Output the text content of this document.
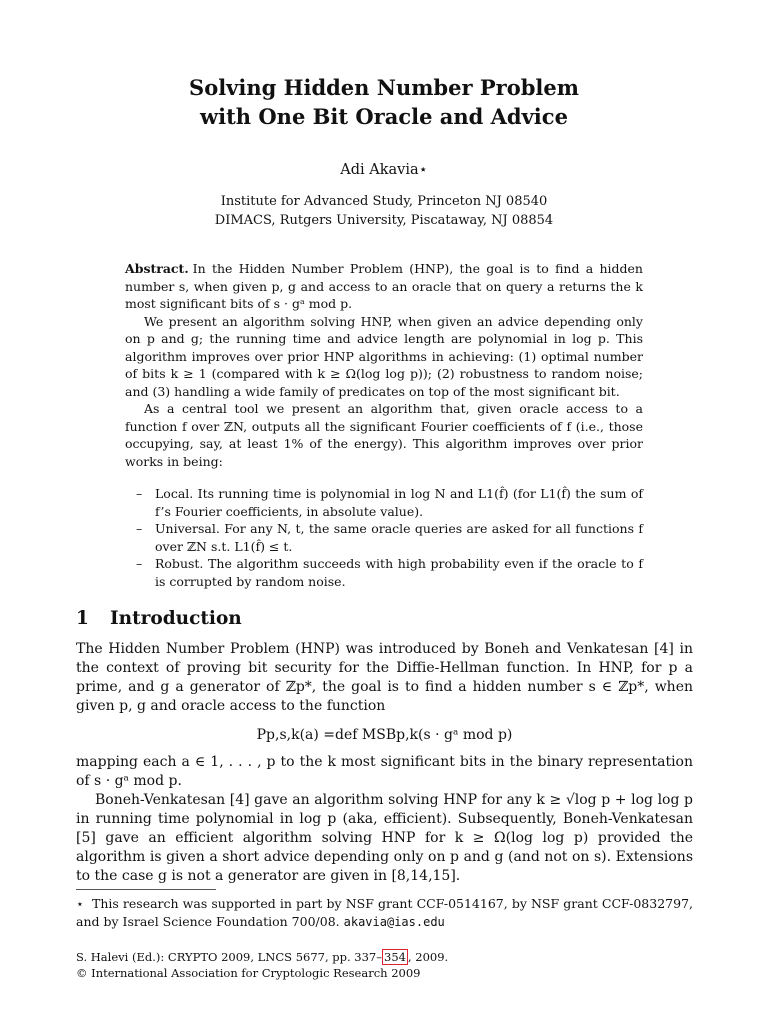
Solving Hidden Number Problem
with One Bit Oracle and Advice
Adi Akavia⋆
Institute for Advanced Study, Princeton NJ 08540
DIMACS, Rutgers University, Piscataway, NJ 08854

Abstract. In the Hidden Number Problem (HNP), the goal is to find a hidden number s, when given p, g and access to an oracle that on query a returns the k most significant bits of s · gᵃ mod p.

We present an algorithm solving HNP, when given an advice depending only on p and g; the running time and advice length are polynomial in log p. This algorithm improves over prior HNP algorithms in achieving: (1) optimal number of bits k ≥ 1 (compared with k ≥ Ω(log log p)); (2) robustness to random noise; and (3) handling a wide family of predicates on top of the most significant bit.

As a central tool we present an algorithm that, given oracle access to a function f over ℤN, outputs all the significant Fourier coefficients of f (i.e., those occupying, say, at least 1% of the energy). This algorithm improves over prior works in being:

– Local. Its running time is polynomial in log N and L1(f̂) (for L1(f̂) the sum of f’s Fourier coefficients, in absolute value).
– Universal. For any N, t, the same oracle queries are asked for all functions f over ℤN s.t. L1(f̂) ≤ t.
– Robust. The algorithm succeeds with high probability even if the oracle to f is corrupted by random noise.
1 Introduction

The Hidden Number Problem (HNP) was introduced by Boneh and Venkatesan [4] in the context of proving bit security for the Diffie-Hellman function. In HNP, for p a prime, and g a generator of ℤp*, the goal is to find a hidden number s ∈ ℤp*, when given p, g and oracle access to the function

Pp,s,k(a) =def MSBp,k(s · gᵃ mod p)

mapping each a ∈ 1, . . . , p to the k most significant bits in the binary representation of s · gᵃ mod p.

Boneh-Venkatesan [4] gave an algorithm solving HNP for any k ≥ √log p + log log p in running time polynomial in log p (aka, efficient). Subsequently, Boneh-Venkatesan [5] gave an efficient algorithm solving HNP for k ≥ Ω(log log p) provided the algorithm is given a short advice depending only on p and g (and not on s). Extensions to the case g is not a generator are given in [8,14,15].

⋆ This research was supported in part by NSF grant CCF-0514167, by NSF grant CCF-0832797, and by Israel Science Foundation 700/08. akavia@ias.edu
S. Halevi (Ed.): CRYPTO 2009, LNCS 5677, pp. 337– 354 , 2009.
© International Association for Cryptologic Research 2009
